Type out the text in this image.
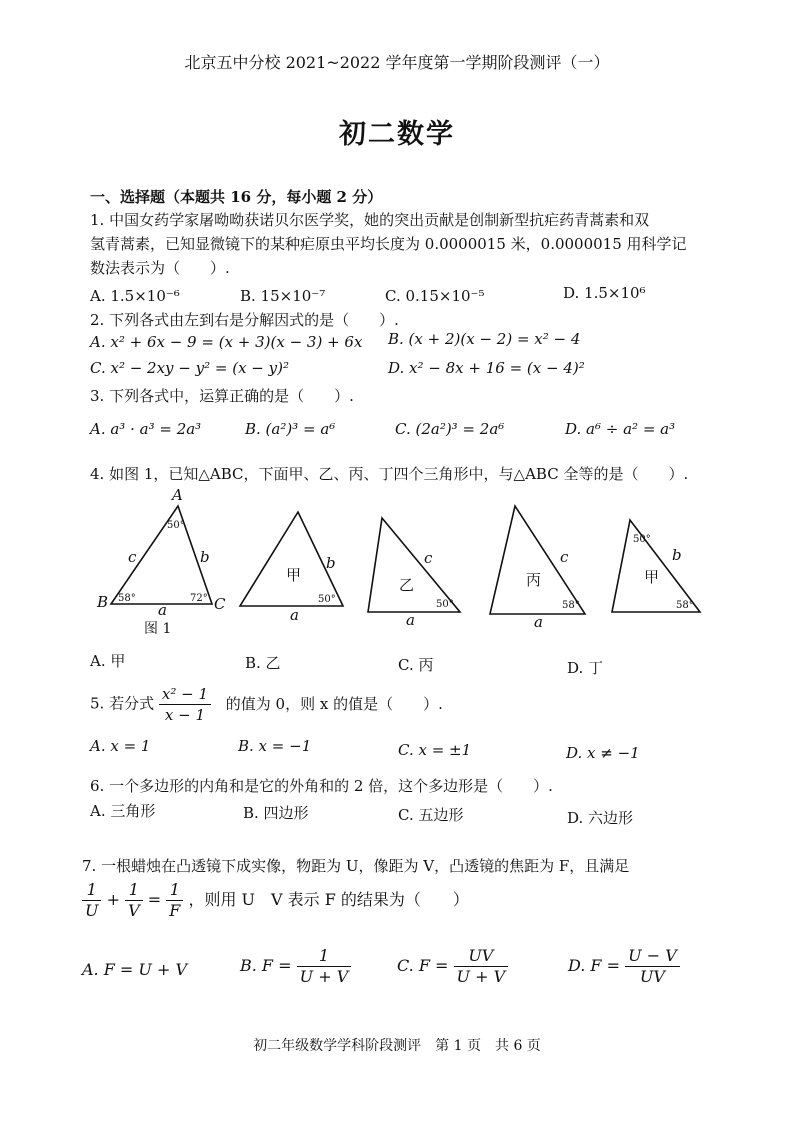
北京五中分校 2021~2022 学年度第一学期阶段测评（一）
初二数学
一、选择题（本题共 16 分，每小题 2 分）
1. 中国女药学家屠呦呦获诺贝尔医学奖，她的突出贡献是创制新型抗疟药青蒿素和双
氢青蒿素，已知显微镜下的某种疟原虫平均长度为 0.0000015 米，0.0000015 用科学记
数法表示为（　　）.
A. 1.5×10⁻⁶	B. 15×10⁻⁷	C. 0.15×10⁻⁵	D. 1.5×10⁶
2. 下列各式由左到右是分解因式的是（　　）.
A. x² + 6x − 9 = (x + 3)(x − 3) + 6x B. (x + 2)(x − 2) = x² − 4
C. x² − 2xy − y² = (x − y)²	D. x² − 8x + 16 = (x − 4)²
3. 下列各式中，运算正确的是（　　）.
A. a³ · a³ = 2a³	B. (a²)³ = a⁶	C. (2a²)³ = 2a⁶	D. a⁶ ÷ a² = a³
4. 如图 1，已知△ABC，下面甲、乙、丙、丁四个三角形中，与△ABC 全等的是（　　）.
A
B	C
c	b
a
50°
58°	72°
图 1
甲
b
a
50°
乙
c
a
50°
丙
c
a
58°
甲
b
50°
58°
A. 甲	B. 乙	C. 丙	D. 丁
5. 若分式 $\frac{\text{x² − 1}}{x - 1}$ 的值为 0，则 x 的值是（　　）.
A. x = 1	B. x = −1	C. x = ±1	D. x ≠ −1
6. 一个多边形的内角和是它的外角和的 2 倍，这个多边形是（　　）.
A. 三角形	B. 四边形	C. 五边形	D. 六边形
7. 一根蜡烛在凸透镜下成实像，物距为 U，像距为 V，凸透镜的焦距为 F，且满足
$\frac{1}{U} + \frac{1}{V} = \frac{1}{F}$ ，则用 U　V 表示 F 的结果为（　　）
A. F = U + V	B. $F = \frac{1}{U + V}$	C. $F = \frac{UV}{U + V}$	D. $F = \frac{U - V}{UV}$
初二年级数学学科阶段测评　第 1 页　共 6 页
